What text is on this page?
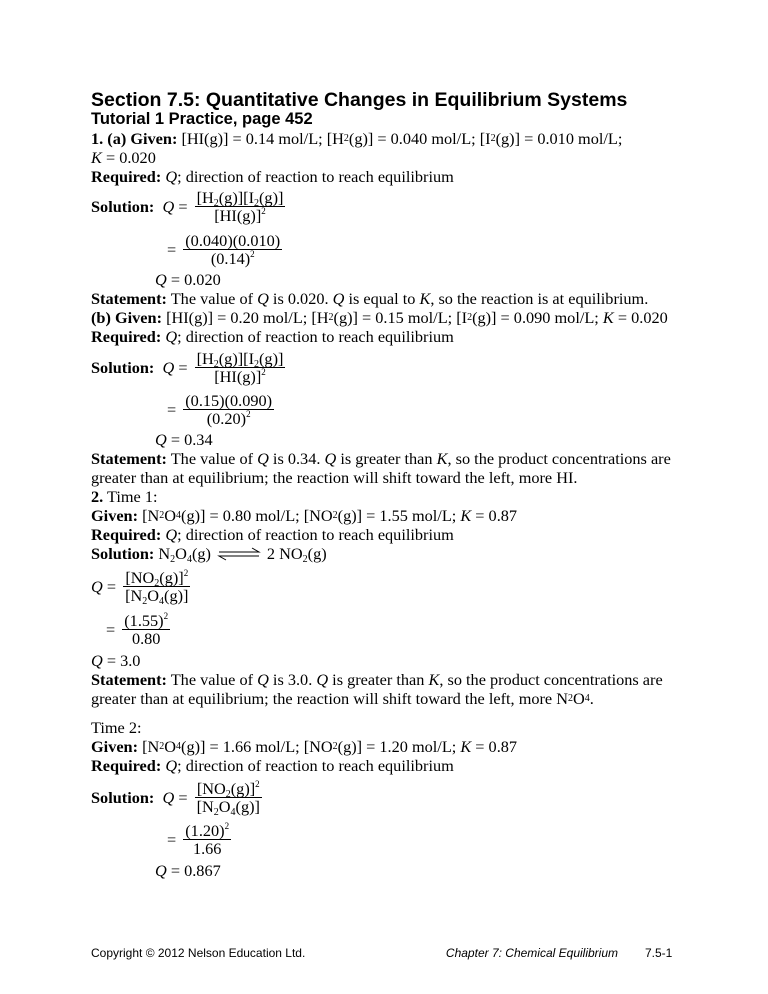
Section 7.5: Quantitative Changes in Equilibrium Systems
Tutorial 1 Practice, page 452
1. (a) Given: [HI(g)] = 0.14 mol/L; [H 2 (g)] = 0.040 mol/L; [I 2 (g)] = 0.010 mol/L;
K = 0.020
Required:
Q ; direction of reaction to reach equilibrium
Solution:
$Q = \frac{[H_2(g)][I_2(g)]}{[HI(g)]^2}$
= $\frac{(0.040)(0.010)}{(0.14)^2}$
Q = 0.020
Statement: The value of Q is 0.020. Q is equal to K , so the reaction is at equilibrium.
(b) Given: [HI(g)] = 0.20 mol/L; [H 2 (g)] = 0.15 mol/L; [I 2 (g)] = 0.090 mol/L; K = 0.020
Required:
Q ; direction of reaction to reach equilibrium
Solution:
$Q = \frac{[H_2(g)][I_2(g)]}{[HI(g)]^2}$
= $\frac{(0.15)(0.090)}{(0.20)^2}$
Q = 0.34
Statement: The value of Q is 0.34. Q is greater than K , so the product concentrations are
greater than at equilibrium; the reaction will shift toward the left, more HI.
2. Time 1:
Given: [N 2 O 4 (g)] = 0.80 mol/L; [NO 2 (g)] = 1.55 mol/L; K = 0.87
Required:
Q ; direction of reaction to reach equilibrium
Solution: $N_2O_4(g)$ ⇌ 2 $NO_2(g)$
$Q = \frac{[NO_2(g)]^2}{[N_2O_4(g)]}$
= $\frac{(1.55)^2}{0.80}$
Q = 3.0
Statement: The value of Q is 3.0. Q is greater than K , so the product concentrations are
greater than at equilibrium; the reaction will shift toward the left, more N 2 O 4 .
Time 2:
Given: [N 2 O 4 (g)] = 1.66 mol/L; [NO 2 (g)] = 1.20 mol/L; K = 0.87
Required:
Q ; direction of reaction to reach equilibrium
Solution:
$Q = \frac{[NO_2(g)]^2}{[N_2O_4(g)]}$
= $\frac{(1.20)^2}{1.66}$
Q = 0.867
Copyright © 2012 Nelson Education Ltd.	Chapter 7: Chemical Equilibrium 7.5-1
